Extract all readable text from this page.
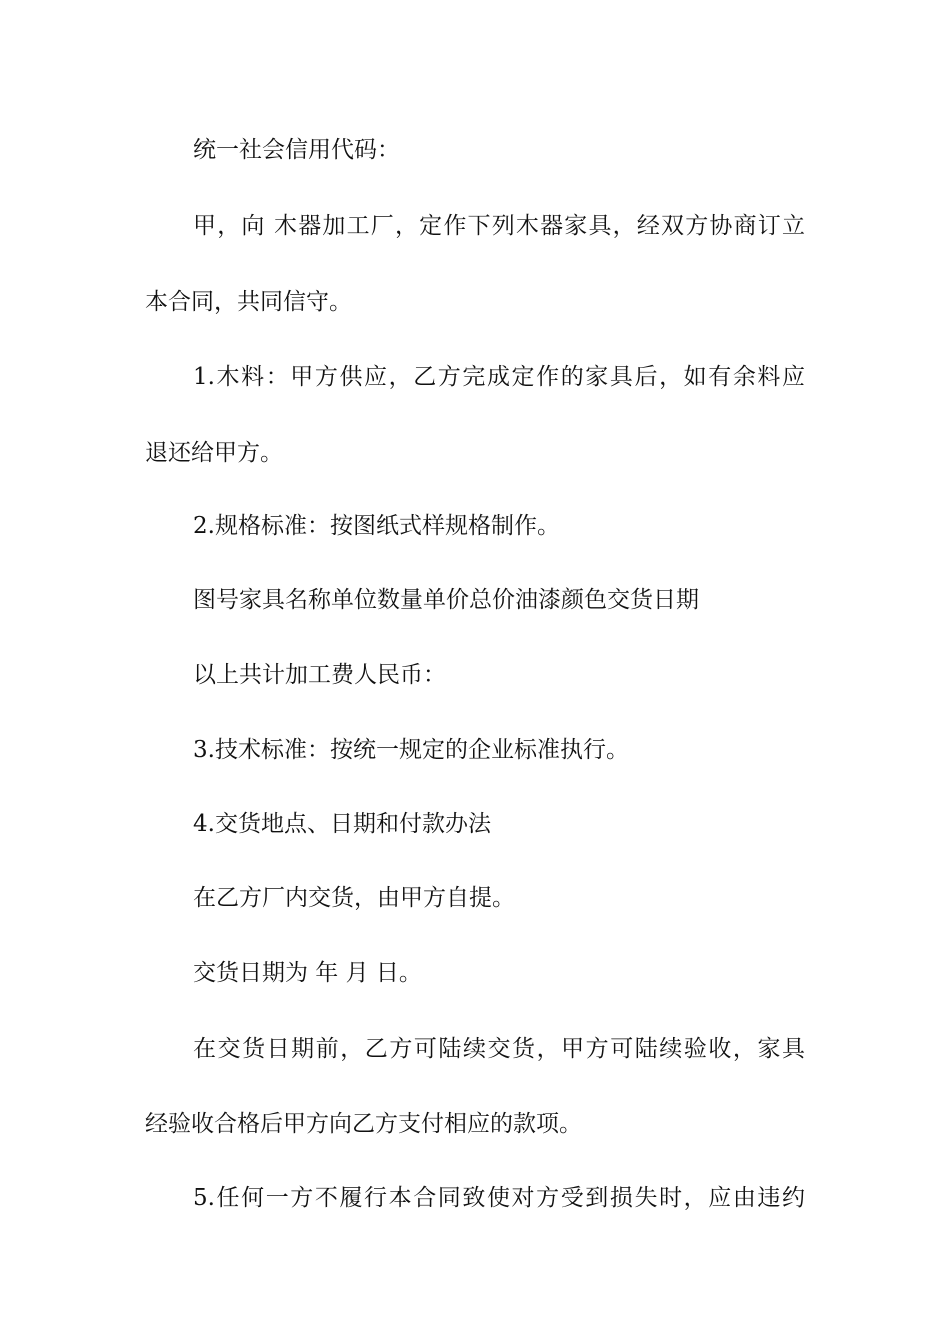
统一社会信用代码：
甲，向 木器加工厂，定作下列木器家具，经双方协商订立
本合同，共同信守。
1.木料：甲方供应，乙方完成定作的家具后，如有余料应
退还给甲方。
2.规格标准：按图纸式样规格制作。
图号家具名称单位数量单价总价油漆颜色交货日期
以上共计加工费人民币：
3.技术标准：按统一规定的企业标准执行。
4.交货地点、日期和付款办法
在乙方厂内交货，由甲方自提。
交货日期为 年 月 日。
在交货日期前，乙方可陆续交货，甲方可陆续验收，家具
经验收合格后甲方向乙方支付相应的款项。
5.任何一方不履行本合同致使对方受到损失时，应由违约
